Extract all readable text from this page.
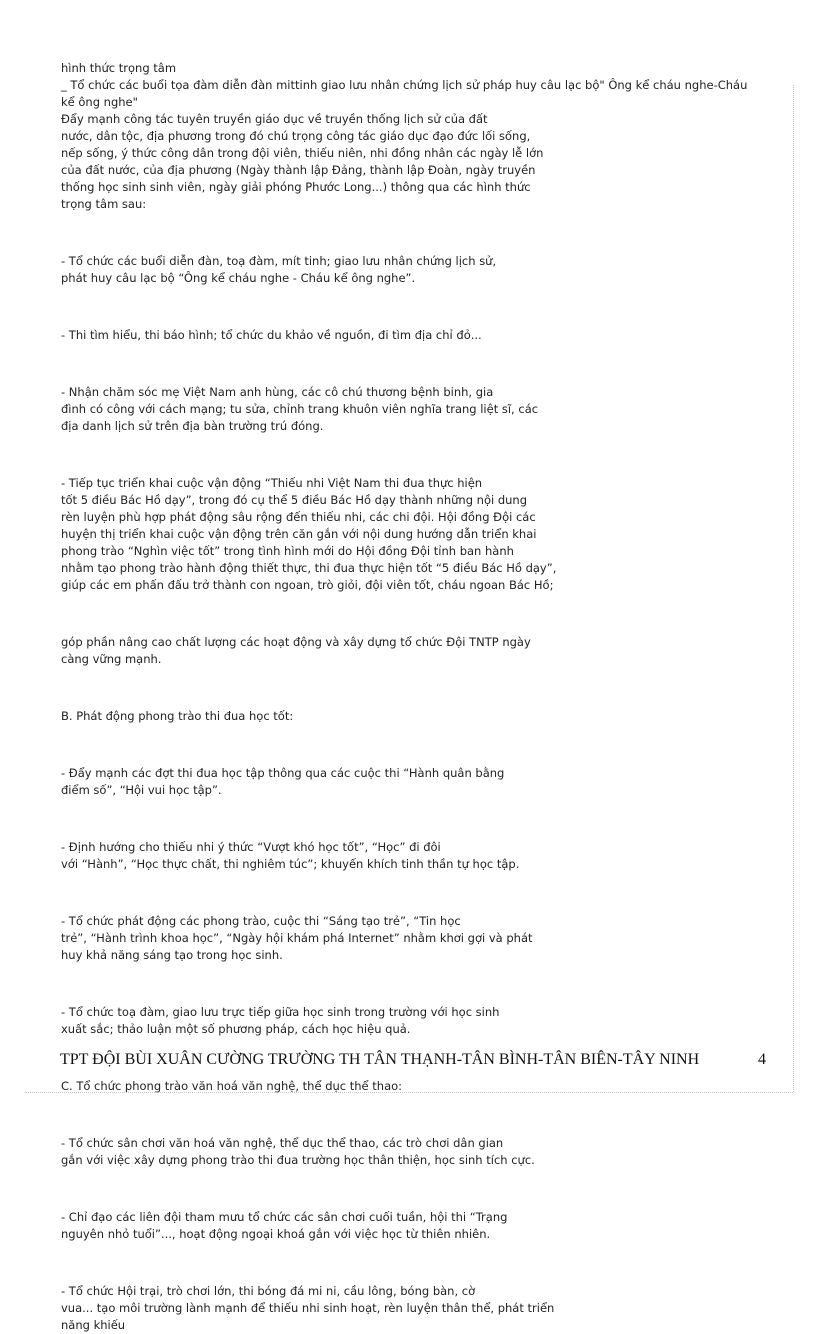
hình thức trọng tâm

_ Tổ chức các buổi tọa đàm diễn đàn mittinh giao lưu nhân chứng lịch sử pháp huy câu lạc bộ" Ông kể cháu nghe-Cháu

kể ông nghe"

Đẩy mạnh công tác tuyên truyền giáo dục về truyền thống lịch sử của đất

nước, dân tộc, địa phương trong đó chú trọng công tác giáo dục đạo đức lối sống,

nếp sống, ý thức công dân trong đội viên, thiếu niên, nhi đồng nhân các ngày lễ lớn

của đất nước, của địa phương (Ngày thành lập Đảng, thành lập Đoàn, ngày truyền

thống học sinh sinh viên, ngày giải phóng Phước Long...) thông qua các hình thức

trọng tâm sau:

- Tổ chức các buổi diễn đàn, toạ đàm, mít tinh; giao lưu nhân chứng lịch sử,

phát huy câu lạc bộ “Ông kể cháu nghe - Cháu kể ông nghe”.

- Thi tìm hiểu, thi báo hình; tổ chức du khảo về nguồn, đi tìm địa chỉ đỏ...

- Nhận chăm sóc mẹ Việt Nam anh hùng, các cô chú thương bệnh binh, gia

đình có công với cách mạng; tu sửa, chỉnh trang khuôn viên nghĩa trang liệt sĩ, các

địa danh lịch sử trên địa bàn trường trú đóng.

- Tiếp tục triển khai cuộc vận động “Thiếu nhi Việt Nam thi đua thực hiện

tốt 5 điều Bác Hồ dạy”, trong đó cụ thể 5 điều Bác Hồ dạy thành những nội dung

rèn luyện phù hợp phát động sâu rộng đến thiếu nhi, các chi đội. Hội đồng Đội các

huyện thị triển khai cuộc vận động trên căn gắn với nội dung hướng dẫn triển khai

phong trào “Nghìn việc tốt” trong tình hình mới do Hội đồng Đội tỉnh ban hành

nhằm tạo phong trào hành động thiết thực, thi đua thực hiện tốt “5 điều Bác Hồ dạy”,

giúp các em phấn đấu trở thành con ngoan, trò giỏi, đội viên tốt, cháu ngoan Bác Hồ;

góp phần nâng cao chất lượng các hoạt động và xây dựng tổ chức Đội TNTP ngày

càng vững mạnh.

B. Phát động phong trào thi đua học tốt:

- Đẩy mạnh các đợt thi đua học tập thông qua các cuộc thi “Hành quân bằng

điểm số”, “Hội vui học tập”.

- Định hướng cho thiếu nhi ý thức “Vượt khó học tốt”, “Học” đi đôi

với “Hành”, “Học thực chất, thi nghiêm túc”; khuyến khích tinh thần tự học tập.

- Tổ chức phát động các phong trào, cuộc thi “Sáng tạo trẻ”, “Tin học

trẻ”, “Hành trình khoa học”, “Ngày hội khám phá Internet” nhằm khơi gợi và phát

huy khả năng sáng tạo trong học sinh.

- Tổ chức toạ đàm, giao lưu trực tiếp giữa học sinh trong trường với học sinh

xuất sắc; thảo luận một số phương pháp, cách học hiệu quả.

C. Tổ chức phong trào văn hoá văn nghệ, thể dục thể thao:

- Tổ chức sân chơi văn hoá văn nghệ, thể dục thể thao, các trò chơi dân gian

gắn với việc xây dựng phong trào thi đua trường học thân thiện, học sinh tích cực.

- Chỉ đạo các liên đội tham mưu tổ chức các sân chơi cuối tuần, hội thi “Trạng

nguyên nhỏ tuổi”..., hoạt động ngoại khoá gắn với việc học từ thiên nhiên.

- Tổ chức Hội trại, trò chơi lớn, thi bóng đá mi ni, cầu lông, bóng bàn, cờ

vua... tạo môi trường lành mạnh để thiếu nhi sinh hoạt, rèn luyện thân thể, phát triển

năng khiếu

TPT ĐỘI BÙI XUÂN CƯỜNG TRƯỜNG TH TÂN THẠNH-TÂN BÌNH-TÂN BIÊN-TÂY NINH	4
